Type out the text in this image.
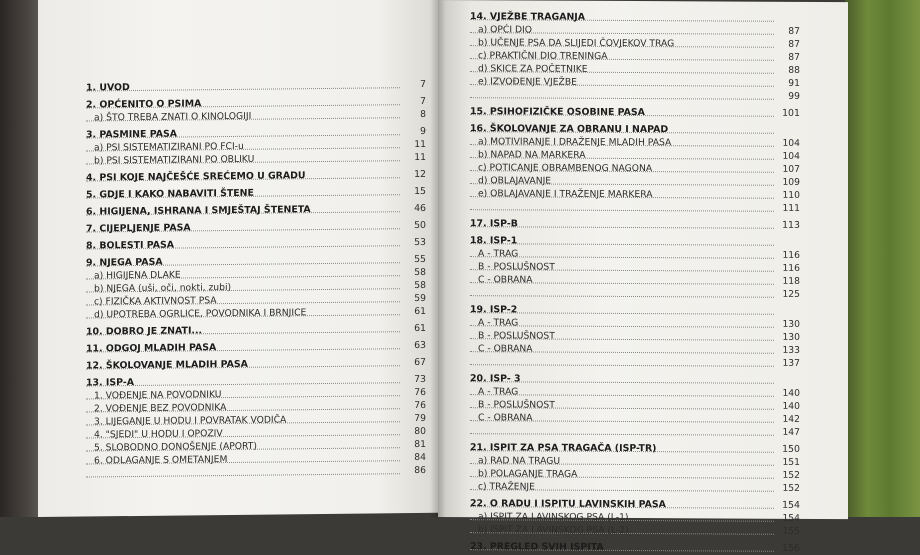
1. UVOD	7
2. OPĆENITO O PSIMA	7
a) ŠTO TREBA ZNATI O KINOLOGIJI	8
3. PASMINE PASA	9
a) PSI SISTEMATIZIRANI PO FCI-u	11
b) PSI SISTEMATIZIRANI PO OBLIKU	11
4. PSI KOJE NAJČEŠĆE SREĆEMO U GRADU	12
5. GDJE I KAKO NABAVITI ŠTENE	15
6. HIGIJENA, ISHRANA I SMJEŠTAJ ŠTENETA	46
7. CIJEPLJENJE PASA	50
8. BOLESTI PASA	53
9. NJEGA PASA	55
a) HIGIJENA DLAKE	58
b) NJEGA (uši, oči, nokti, zubi)	58
c) FIZIČKA AKTIVNOST PSA	59
d) UPOTREBA OGRLICE, POVODNIKA I BRNJICE	61
10. DOBRO JE ZNATI...	61
11. ODGOJ MLADIH PASA	63
12. ŠKOLOVANJE MLADIH PASA	67
13. ISP-A	73
1. VOĐENJE NA POVODNIKU	76
2. VOĐENJE BEZ POVODNIKA	76
3. LIJEGANJE U HODU I POVRATAK VODIČA	79
4. "SJEDI" U HODU I OPOZIV	80
5. SLOBODNO DONOŠENJE (APORT)	81
6. ODLAGANJE S OMETANJEM	84
86
14. VJEŽBE TRAGANJA
a) OPĆI DIO	87
b) UČENJE PSA DA SLIJEDI ČOVJEKOV TRAG	87
c) PRAKTIČNI DIO TRENINGA	87
d) SKICE ZA POČETNIKE	88
e) IZVOĐENJE VJEŽBE	91
99
15. PSIHOFIZIČKE OSOBINE PASA	101
16. ŠKOLOVANJE ZA OBRANU I NAPAD
a) MOTIVIRANJE I DRAŽENJE MLADIH PASA	104
b) NAPAD NA MARKERA	104
c) POTICANJE OBRAMBENOG NAGONA	107
d) OBLAJAVANJE	109
e) OBLAJAVANJE I TRAŽENJE MARKERA	110
111
17. ISP-B	113
18. ISP-1
A - TRAG	116
B - POSLUŠNOST	116
C - OBRANA	118
125
19. ISP-2
A - TRAG	130
B - POSLUŠNOST	130
C - OBRANA	133
137
20. ISP- 3
A - TRAG	140
B - POSLUŠNOST	140
C - OBRANA	142
147
21. ISPIT ZA PSA TRAGAČA (ISP-TR)	150
a) RAD NA TRAGU	151
b) POLAGANJE TRAGA	152
c) TRAŽENJE	152
22. O RADU I ISPITU LAVINSKIH PASA	154
a) ISPIT ZA LAVINSKOG PSA (L-1)	154
b) ISPIT ZA LAVINSKOG PSA (L-2)	155
23. PREGLED SVIH ISPITA	156
